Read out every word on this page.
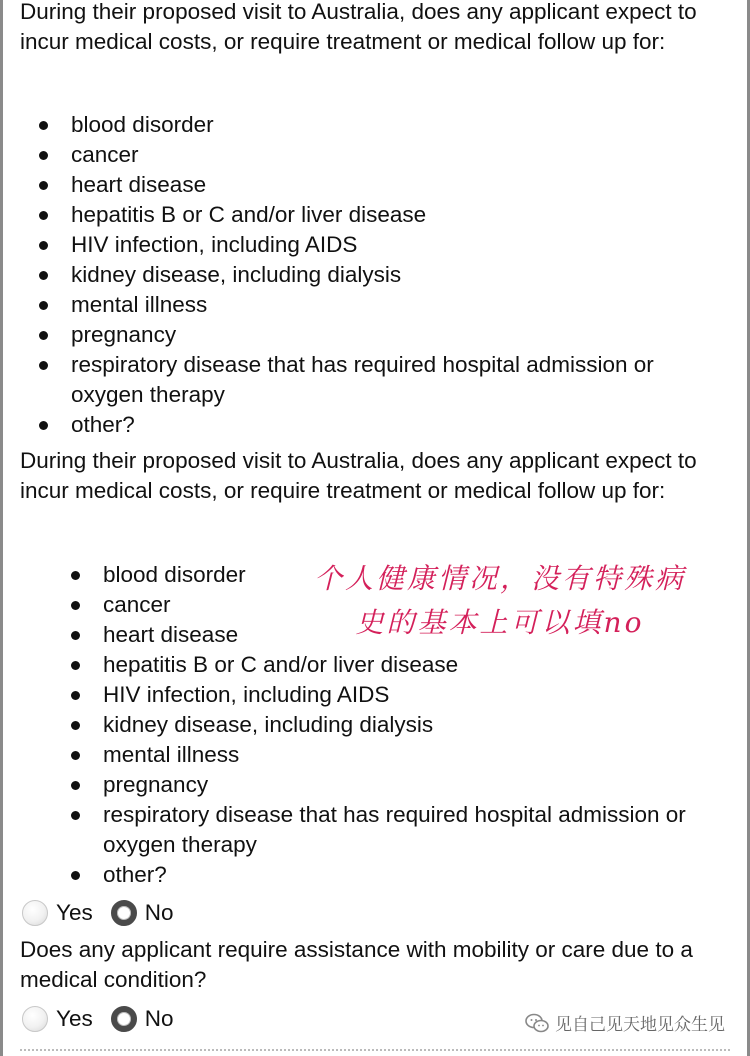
During their proposed visit to Australia, does any applicant expect to incur medical costs, or require treatment or medical follow up for:

blood disorder
cancer
heart disease
hepatitis B or C and/or liver disease
HIV infection, including AIDS
kidney disease, including dialysis
mental illness
pregnancy
respiratory disease that has required hospital admission or oxygen therapy
other?

During their proposed visit to Australia, does any applicant expect to incur medical costs, or require treatment or medical follow up for:

blood disorder
cancer
heart disease
hepatitis B or C and/or liver disease
HIV infection, including AIDS
kidney disease, including dialysis
mental illness
pregnancy
respiratory disease that has required hospital admission or oxygen therapy
other?
Yes No

Does any applicant require assistance with mobility or care due to a medical condition?

Yes No
个人健康情况，没有特殊病
史的基本上可以填no
见自己见天地见众生见
